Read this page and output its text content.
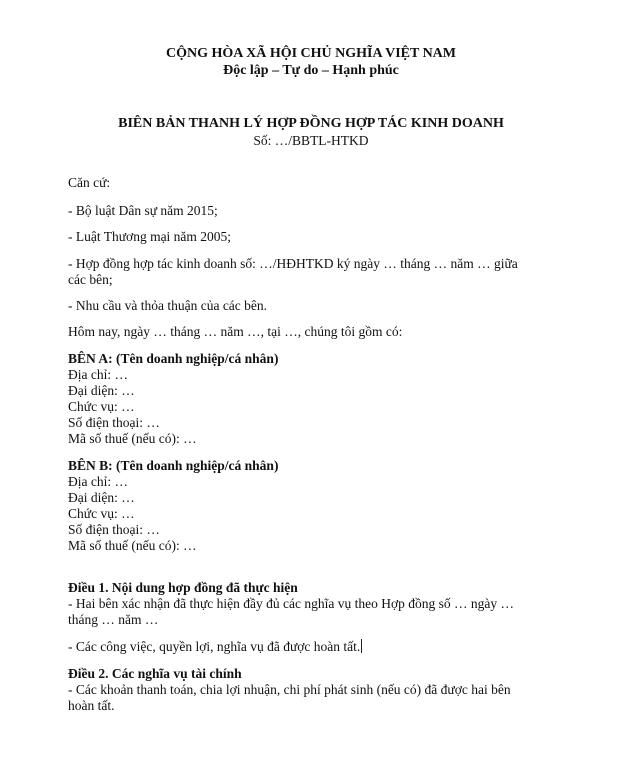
CỘNG HÒA XÃ HỘI CHỦ NGHĨA VIỆT NAM
Độc lập – Tự do – Hạnh phúc
BIÊN BẢN THANH LÝ HỢP ĐỒNG HỢP TÁC KINH DOANH
Số: …/BBTL-HTKD
Căn cứ:
- Bộ luật Dân sự năm 2015;
- Luật Thương mại năm 2005;
- Hợp đồng hợp tác kinh doanh số: …/HĐHTKD ký ngày … tháng … năm … giữa các bên;
- Nhu cầu và thỏa thuận của các bên.
Hôm nay, ngày … tháng … năm …, tại …, chúng tôi gồm có:
BÊN A: (Tên doanh nghiệp/cá nhân)
Địa chỉ: …
Đại diện: …
Chức vụ: …
Số điện thoại: …
Mã số thuế (nếu có): …
BÊN B: (Tên doanh nghiệp/cá nhân)
Địa chỉ: …
Đại diện: …
Chức vụ: …
Số điện thoại: …
Mã số thuế (nếu có): …
Điều 1. Nội dung hợp đồng đã thực hiện
- Hai bên xác nhận đã thực hiện đầy đủ các nghĩa vụ theo Hợp đồng số … ngày … tháng … năm …
- Các công việc, quyền lợi, nghĩa vụ đã được hoàn tất.
Điều 2. Các nghĩa vụ tài chính
- Các khoản thanh toán, chia lợi nhuận, chi phí phát sinh (nếu có) đã được hai bên hoàn tất.
